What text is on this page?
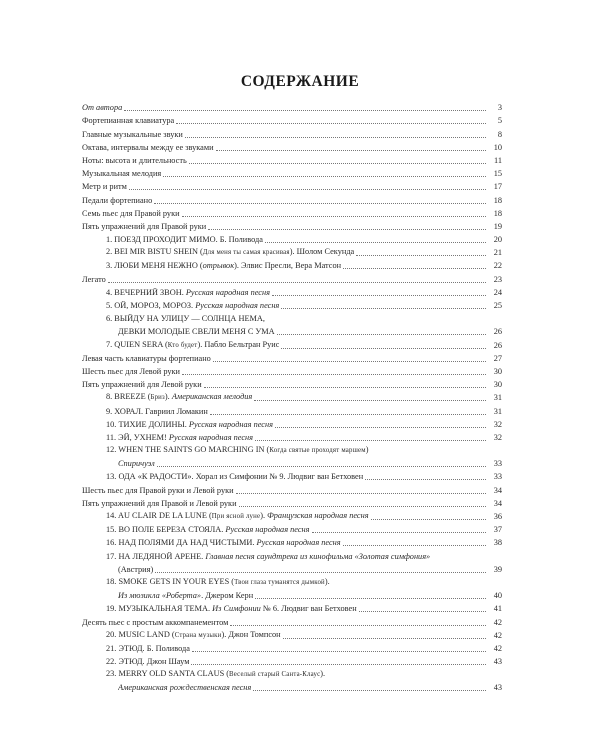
СОДЕРЖАНИЕ
От автора	3
Фортепианная клавиатура	5
Главные музыкальные звуки	8
Октава, интервалы между ее звуками	10
Ноты: высота и длительность	11
Музыкальная мелодия	15
Метр и ритм	17
Педали фортепиано	18
Семь пьес для Правой руки	18
Пять упражнений для Правой руки	19
1. ПОЕЗД ПРОХОДИТ МИМО. Б. Поливода	20
2. BEI MIR BISTU SHEIN (Для меня ты самая красивая). Шолом Секунда	21
3. ЛЮБИ МЕНЯ НЕЖНО (отрывок). Элвис Пресли, Вера Матсон	22
Легато	23
4. ВЕЧЕРНИЙ ЗВОН. Русская народная песня	24
5. ОЙ, МОРОЗ, МОРОЗ. Русская народная песня	25
6. ВЫЙДУ НА УЛИЦУ — СОЛНЦА НЕМА,
ДЕВКИ МОЛОДЫЕ СВЕЛИ МЕНЯ С УМА	26
7. QUIEN SERA (Кто будет). Пабло Бельтран Руис	26
Левая часть клавиатуры фортепиано	27
Шесть пьес для Левой руки	30
Пять упражнений для Левой руки	30
8. BREEZE (Бриз). Американская мелодия	31
9. ХОРАЛ. Гавриил Ломакин	31
10. ТИХИЕ ДОЛИНЫ. Русская народная песня	32
11. ЭЙ, УХНЕМ! Русская народная песня	32
12. WHEN THE SAINTS GO MARCHING IN (Когда святые проходят маршем)
Спиричуэл	33
13. ОДА «К РАДОСТИ». Хорал из Симфонии № 9. Людвиг ван Бетховен	33
Шесть пьес для Правой руки и Левой руки	34
Пять упражнений для Правой и Левой руки	34
14. AU CLAIR DE LA LUNE (При ясной луне). Французская народная песня	36
15. ВО ПОЛЕ БЕРЕЗА СТОЯЛА. Русская народная песня	37
16. НАД ПОЛЯМИ ДА НАД ЧИСТЫМИ. Русская народная песня	38
17. НА ЛЕДЯНОЙ АРЕНЕ. Главная песня саундтрека из кинофильма «Золотая симфония»
(Австрия)	39
18. SMOKE GETS IN YOUR EYES (Твои глаза туманятся дымкой).
Из мюзикла «Роберта». Джером Керн	40
19. МУЗЫКАЛЬНАЯ ТЕМА. Из Симфонии № 6. Людвиг ван Бетховен	41
Десять пьес с простым аккомпанементом	42
20. MUSIC LAND (Страна музыки). Джон Томпсон	42
21. ЭТЮД. Б. Поливода	42
22. ЭТЮД. Джон Шаум	43
23. MERRY OLD SANTA CLAUS (Веселый старый Санта-Клаус).
Американская рождественская песня	43
